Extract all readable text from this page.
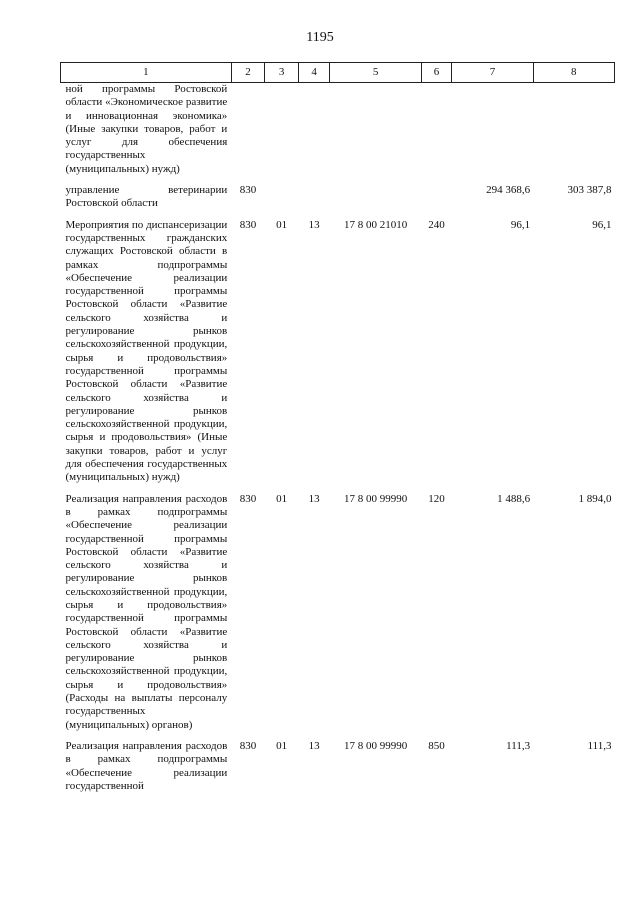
1195
1	2	3	4	5	6	7	8
ной программы Ростовской области «Экономическое развитие и инновационная экономика» (Иные закупки товаров, работ и услуг для обеспечения государственных (муниципальных) нужд)							
управление ветеринарии Ростовской области	830					294 368,6	303 387,8
Мероприятия по диспансеризации государственных гражданских служащих Ростовской области в рамках подпрограммы «Обеспечение реализации государственной программы Ростовской области «Развитие сельского хозяйства и регулирование рынков сельскохозяйственной продукции, сырья и продовольствия» государственной программы Ростовской области «Развитие сельского хозяйства и регулирование рынков сельскохозяйственной продукции, сырья и продовольствия» (Иные закупки товаров, работ и услуг для обеспечения государственных (муниципальных) нужд)	830	01	13	17 8 00 21010	240	96,1	96,1
Реализация направления расходов в рамках подпрограммы «Обеспечение реализации государственной программы Ростовской области «Развитие сельского хозяйства и регулирование рынков сельскохозяйственной продукции, сырья и продовольствия» государственной программы Ростовской области «Развитие сельского хозяйства и регулирование рынков сельскохозяйственной продукции, сырья и продовольствия» (Расходы на выплаты персоналу государственных (муниципальных) органов)	830	01	13	17 8 00 99990	120	1 488,6	1 894,0
Реализация направления расходов в рамках подпрограммы «Обеспечение реализации государственной	830	01	13	17 8 00 99990	850	111,3	111,3
